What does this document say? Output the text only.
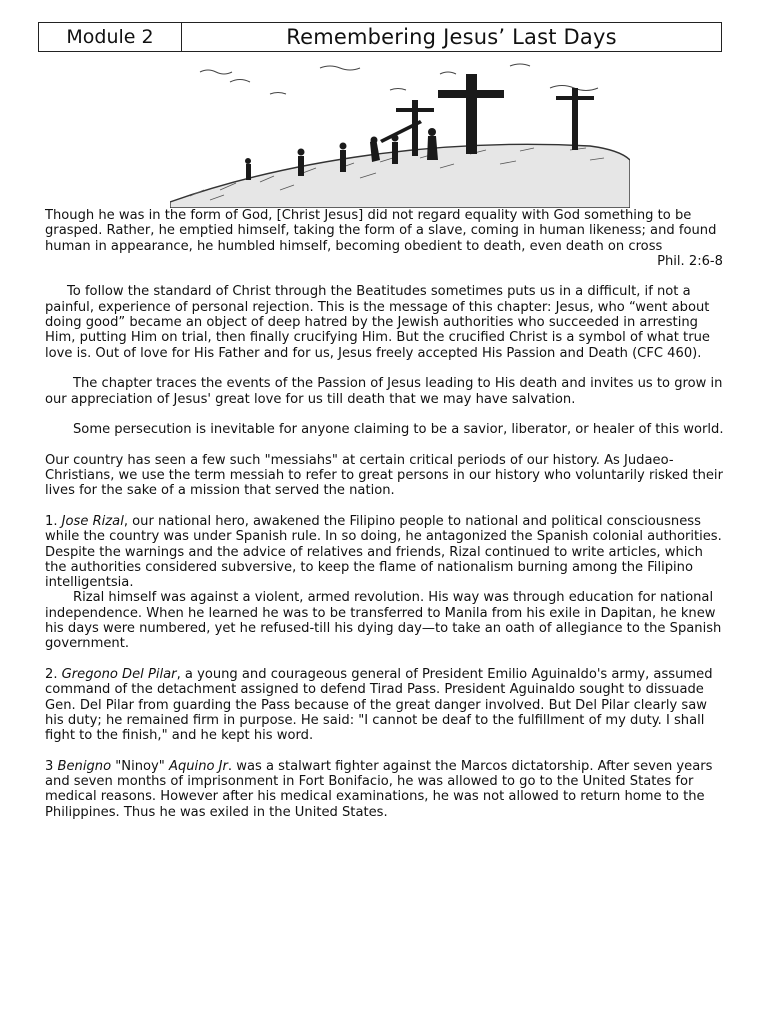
Module 2	Remembering Jesus’ Last Days

Though he was in the form of God, [Christ Jesus] did not regard equality with God something to be grasped. Rather, he emptied himself, taking the form of a slave, coming in human likeness; and found human in appearance, he humbled himself, becoming obedient to death, even death on cross

Phil. 2:6-8

To follow the standard of Christ through the Beatitudes sometimes puts us in a difficult, if not a painful, experience of personal rejection. This is the message of this chapter: Jesus, who “went about doing good” became an object of deep hatred by the Jewish authorities who succeeded in arresting Him, putting Him on trial, then finally crucifying Him. But the crucified Christ is a symbol of what true love is. Out of love for His Father and for us, Jesus freely accepted His Passion and Death (CFC 460).

The chapter traces the events of the Passion of Jesus leading to His death and invites us to grow in our appreciation of Jesus' great love for us till death that we may have salvation.

Some persecution is inevitable for anyone claiming to be a savior, liberator, or healer of this world.

Our country has seen a few such "messiahs" at certain critical periods of our history. As Judaeo-Christians, we use the term messiah to refer to great persons in our history who voluntarily risked their lives for the sake of a mission that served the nation.

1. Jose Rizal, our national hero, awakened the Filipino people to national and political consciousness while the country was under Spanish rule. In so doing, he antagonized the Spanish colonial authorities. Despite the warnings and the advice of relatives and friends, Rizal continued to write articles, which the authorities considered subversive, to keep the flame of nationalism burning among the Filipino intelligentsia.

Rizal himself was against a violent, armed revolution. His way was through education for national independence. When he learned he was to be transferred to Manila from his exile in Dapitan, he knew his days were numbered, yet he refused-till his dying day—to take an oath of allegiance to the Spanish government.

2. Gregono Del Pilar, a young and courageous general of President Emilio Aguinaldo's army, assumed command of the detachment assigned to defend Tirad Pass. President Aguinaldo sought to dissuade Gen. Del Pilar from guarding the Pass because of the great danger involved. But Del Pilar clearly saw his duty; he remained firm in purpose. He said: "I cannot be deaf to the fulfillment of my duty. I shall fight to the finish," and he kept his word.

3 Benigno "Ninoy" Aquino Jr. was a stalwart fighter against the Marcos dictatorship. After seven years and seven months of imprisonment in Fort Bonifacio, he was allowed to go to the United States for medical reasons. However after his medical examinations, he was not allowed to return home to the Philippines. Thus he was exiled in the United States.
